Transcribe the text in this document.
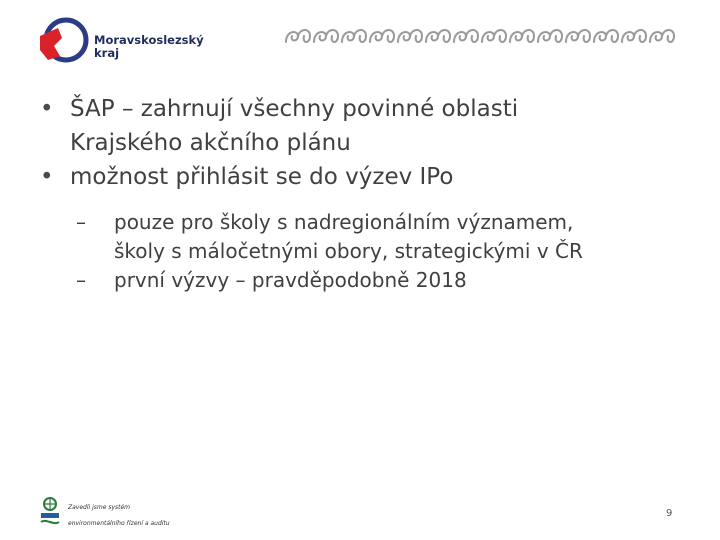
Moravskoslezský
kraj
• ŠAP – zahrnují všechny povinné oblasti
Krajského akčního plánu
• možnost přihlásit se do výzev IPo
– pouze pro školy s nadregionálním významem,
školy s máločetnými obory, strategickými v ČR
– první výzvy – pravděpodobně 2018
Zavedli jsme systém
environmentálního řízení a auditu
9
